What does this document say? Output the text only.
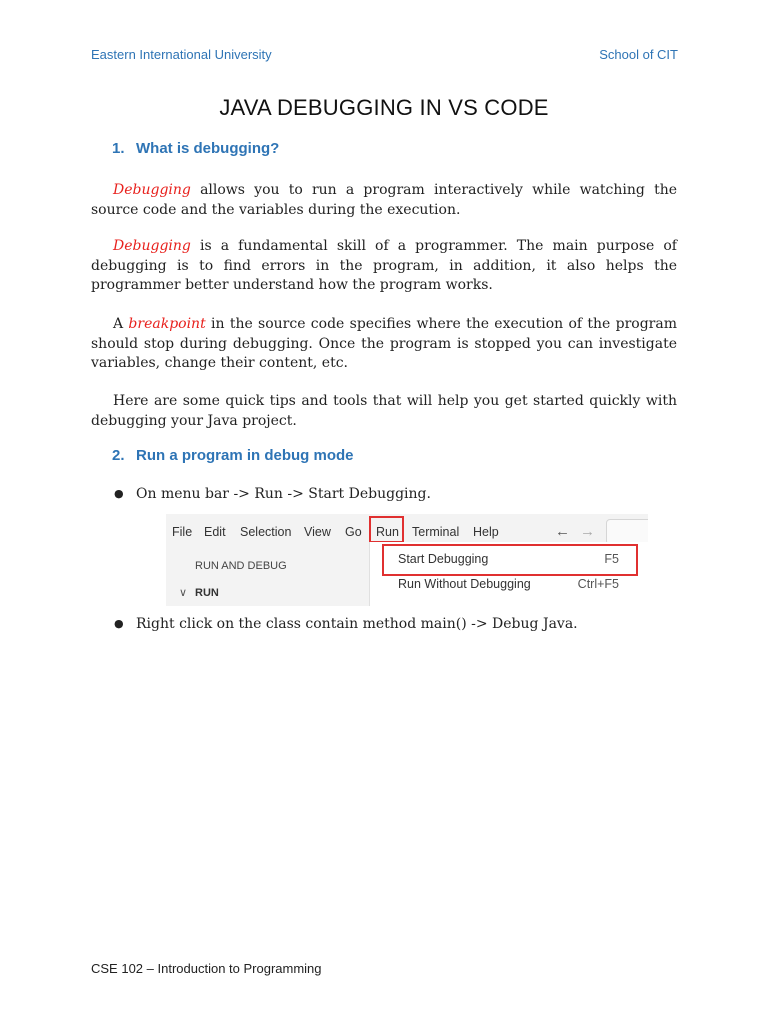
Eastern International University	School of CIT
JAVA DEBUGGING IN VS CODE
1. What is debugging?
Debugging allows you to run a program interactively while watching the source code and the variables during the execution.
Debugging is a fundamental skill of a programmer. The main purpose of debugging is to find errors in the program, in addition, it also helps the programmer better understand how the program works.
A breakpoint in the source code specifies where the execution of the program should stop during debugging. Once the program is stopped you can investigate variables, change their content, etc.
Here are some quick tips and tools that will help you get started quickly with debugging your Java project.
2. Run a program in debug mode
● On menu bar -> Run -> Start Debugging.
File Edit Selection View Go Run Terminal Help	← →
RUN AND DEBUG
∨ RUN
Start Debugging	F5
Run Without Debugging	Ctrl+F5
● Right click on the class contain method main() -> Debug Java.
CSE 102 – Introduction to Programming
